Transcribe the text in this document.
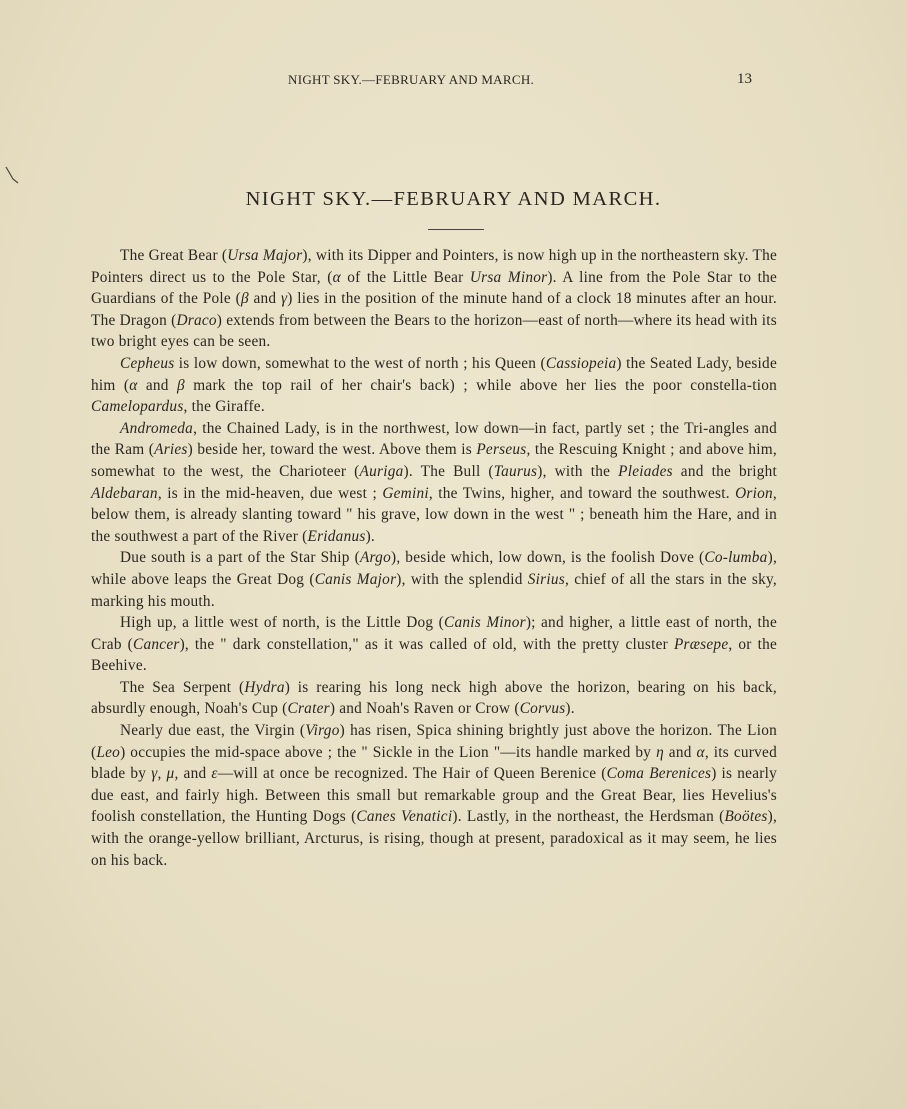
NIGHT SKY.—FEBRUARY AND MARCH.	13
NIGHT SKY.—FEBRUARY AND MARCH.

The Great Bear (Ursa Major), with its Dipper and Pointers, is now high up in the northeastern sky. The Pointers direct us to the Pole Star, (α of the Little Bear Ursa Minor). A line from the Pole Star to the Guardians of the Pole (β and γ) lies in the position of the minute hand of a clock 18 minutes after an hour. The Dragon (Draco) extends from between the Bears to the horizon—east of north—where its head with its two bright eyes can be seen.

Cepheus is low down, somewhat to the west of north ; his Queen (Cassiopeia) the Seated Lady, beside him (α and β mark the top rail of her chair's back) ; while above her lies the poor constella-tion Camelopardus, the Giraffe.

Andromeda, the Chained Lady, is in the northwest, low down—in fact, partly set ; the Tri-angles and the Ram (Aries) beside her, toward the west. Above them is Perseus, the Rescuing Knight ; and above him, somewhat to the west, the Charioteer (Auriga). The Bull (Taurus), with the Pleiades and the bright Aldebaran, is in the mid-heaven, due west ; Gemini, the Twins, higher, and toward the southwest. Orion, below them, is already slanting toward " his grave, low down in the west " ; beneath him the Hare, and in the southwest a part of the River (Eridanus).

Due south is a part of the Star Ship (Argo), beside which, low down, is the foolish Dove (Co-lumba), while above leaps the Great Dog (Canis Major), with the splendid Sirius, chief of all the stars in the sky, marking his mouth.

High up, a little west of north, is the Little Dog (Canis Minor); and higher, a little east of north, the Crab (Cancer), the " dark constellation," as it was called of old, with the pretty cluster Præsepe, or the Beehive.

The Sea Serpent (Hydra) is rearing his long neck high above the horizon, bearing on his back, absurdly enough, Noah's Cup (Crater) and Noah's Raven or Crow (Corvus).

Nearly due east, the Virgin (Virgo) has risen, Spica shining brightly just above the horizon. The Lion (Leo) occupies the mid-space above ; the " Sickle in the Lion "—its handle marked by η and α, its curved blade by γ, μ, and ε—will at once be recognized. The Hair of Queen Berenice (Coma Berenices) is nearly due east, and fairly high. Between this small but remarkable group and the Great Bear, lies Hevelius's foolish constellation, the Hunting Dogs (Canes Venatici). Lastly, in the northeast, the Herdsman (Boötes), with the orange-yellow brilliant, Arcturus, is rising, though at present, paradoxical as it may seem, he lies on his back.
